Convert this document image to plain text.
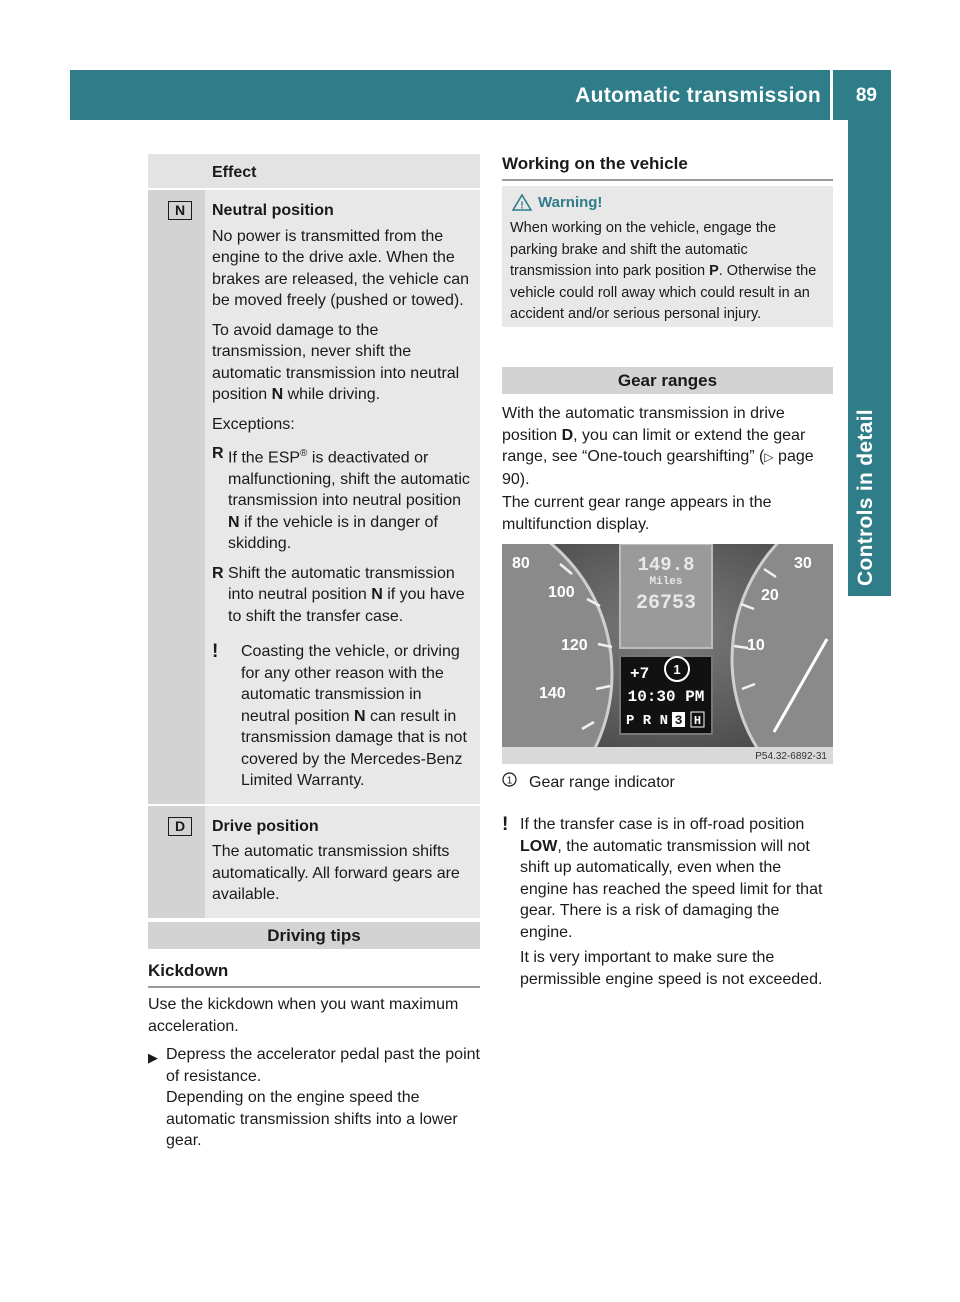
Automatic transmission 89
Controls in detail
Effect
N	Neutral position

No power is transmitted from the engine to the drive axle. When the brakes are released, the vehicle can be moved freely (pushed or towed).

To avoid damage to the transmission, never shift the automatic transmission into neutral position N while driving.

Exceptions:

R If the ESP® is deactivated or malfunctioning, shift the automatic transmission into neutral position N if the vehicle is in danger of skidding.
R Shift the automatic transmission into neutral position N if you have to shift the transfer case.
!	Coasting the vehicle, or driving for any other reason with the automatic transmission in neutral position N can result in transmission damage that is not covered by the Mercedes-Benz Limited Warranty.
D	Drive position

The automatic transmission shifts automatically. All forward gears are available.

Driving tips
Kickdown
Use the kickdown when you want maximum acceleration.
▶ Depress the accelerator pedal past the point of resistance.
Depending on the engine speed the automatic transmission shifts into a lower gear.
Working on the vehicle
! Warning!
When working on the vehicle, engage the parking brake and shift the automatic transmission into park position P. Otherwise the vehicle could roll away which could result in an accident and/or serious personal injury.
Gear ranges
With the automatic transmission in drive position D, you can limit or extend the gear range, see “One-touch gearshifting” (▷ page 90).
The current gear range appears in the multifunction display.
80
100
120
140
30
20
10
149.8
Miles
26753
+7 1
10:30 PM
P R N 3 H
P54.32-6892-31
1 Gear range indicator
! If the transfer case is in off-road position LOW, the automatic transmission will not shift up automatically, even when the engine has reached the speed limit for that gear. There is a risk of damaging the engine.
It is very important to make sure the permissible engine speed is not exceeded.
